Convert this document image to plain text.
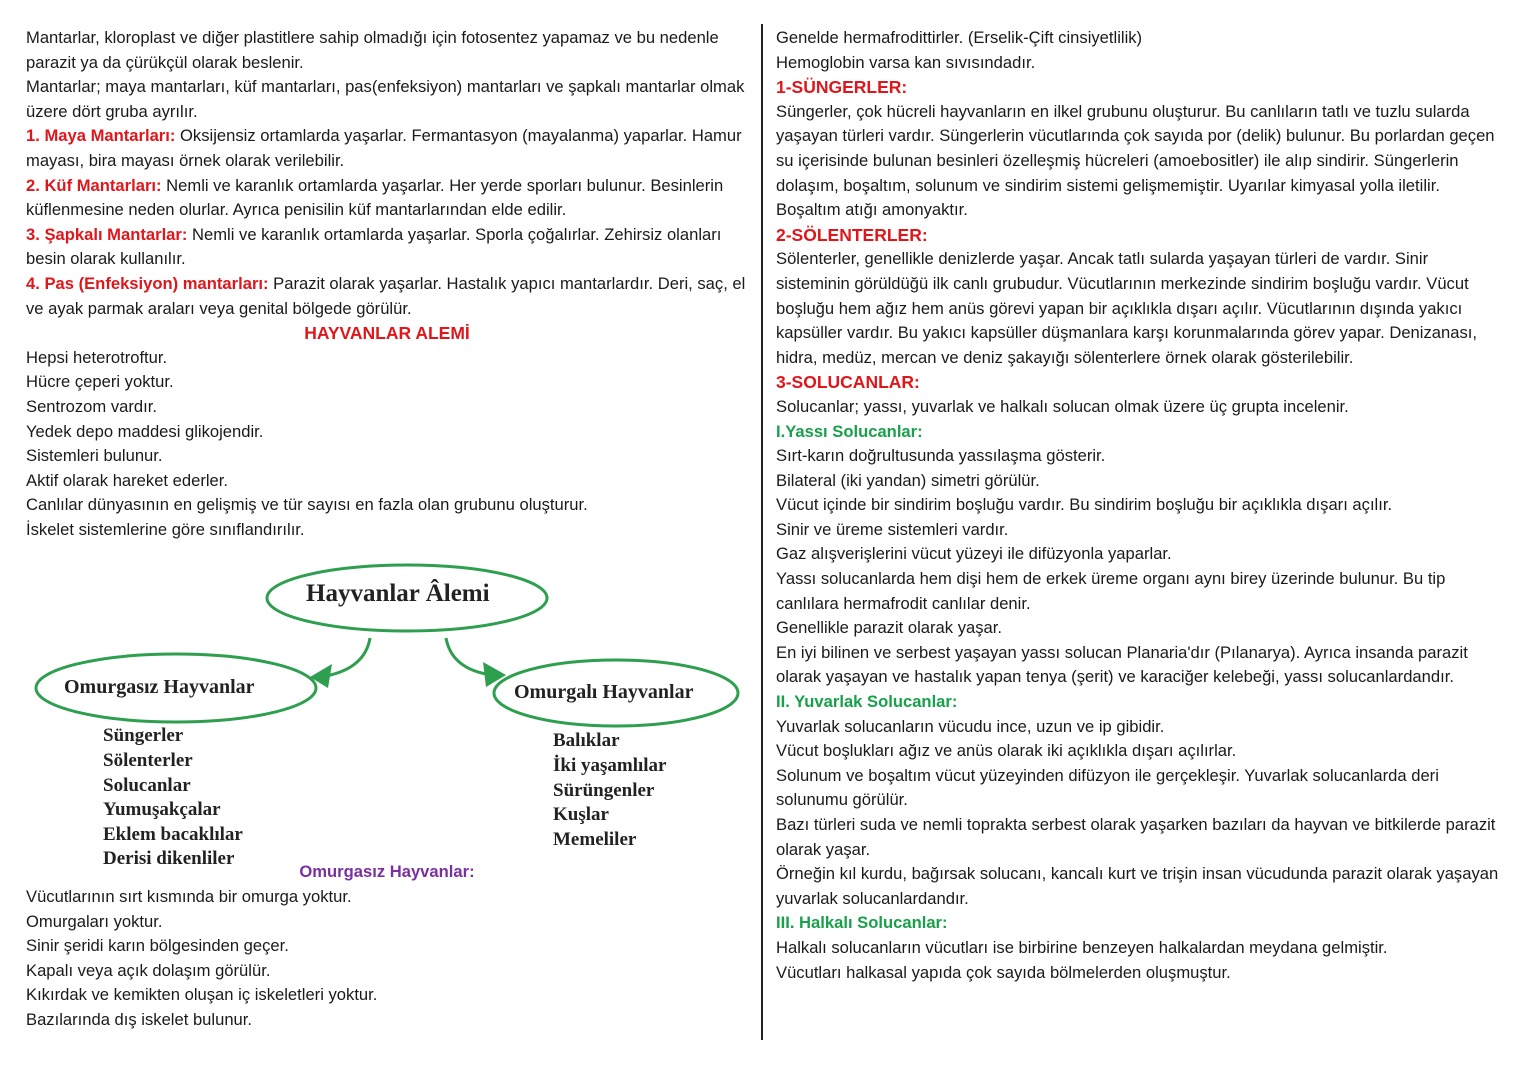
Mantarlar, kloroplast ve diğer plastitlere sahip olmadığı için fotosentez yapamaz ve bu nedenle parazit ya da çürükçül olarak beslenir.

Mantarlar; maya mantarları, küf mantarları, pas(enfeksiyon) mantarları ve şapkalı mantarlar olmak üzere dört gruba ayrılır.

1. Maya Mantarları: Oksijensiz ortamlarda yaşarlar. Fermantasyon (mayalanma) yaparlar. Hamur mayası, bira mayası örnek olarak verilebilir.

2. Küf Mantarları: Nemli ve karanlık ortamlarda yaşarlar. Her yerde sporları bulunur. Besinlerin küflenmesine neden olurlar. Ayrıca penisilin küf mantarlarından elde edilir.

3. Şapkalı Mantarlar: Nemli ve karanlık ortamlarda yaşarlar. Sporla çoğalırlar. Zehirsiz olanları besin olarak kullanılır.

4. Pas (Enfeksiyon) mantarları: Parazit olarak yaşarlar. Hastalık yapıcı mantarlardır. Deri, saç, el ve ayak parmak araları veya genital bölgede görülür.

HAYVANLAR ALEMİ

Hepsi heterotroftur.

Hücre çeperi yoktur.

Sentrozom vardır.

Yedek depo maddesi glikojendir.

Sistemleri bulunur.

Aktif olarak hareket ederler.

Canlılar dünyasının en gelişmiş ve tür sayısı en fazla olan grubunu oluşturur.

İskelet sistemlerine göre sınıflandırılır.

Hayvanlar Âlemi
Omurgasız Hayvanlar	Omurgalı Hayvanlar
Süngerler
Sölenterler
Solucanlar
Yumuşakçalar
Eklem bacaklılar
Derisi dikenliler
Balıklar
İki yaşamlılar
Sürüngenler
Kuşlar
Memeliler

Omurgasız Hayvanlar:

Vücutlarının sırt kısmında bir omurga yoktur.

Omurgaları yoktur.

Sinir şeridi karın bölgesinden geçer.

Kapalı veya açık dolaşım görülür.

Kıkırdak ve kemikten oluşan iç iskeletleri yoktur.

Bazılarında dış iskelet bulunur.

Genelde hermafrodittirler. (Erselik-Çift cinsiyetlilik)

Hemoglobin varsa kan sıvısındadır.

1-SÜNGERLER:

Süngerler, çok hücreli hayvanların en ilkel grubunu oluşturur. Bu canlıların tatlı ve tuzlu sularda yaşayan türleri vardır. Süngerlerin vücutlarında çok sayıda por (delik) bulunur. Bu porlardan geçen su içerisinde bulunan besinleri özelleşmiş hücreleri (amoebositler) ile alıp sindirir. Süngerlerin dolaşım, boşaltım, solunum ve sindirim sistemi gelişmemiştir. Uyarılar kimyasal yolla iletilir. Boşaltım atığı amonyaktır.

2-SÖLENTERLER:

Sölenterler, genellikle denizlerde yaşar. Ancak tatlı sularda yaşayan türleri de vardır. Sinir sisteminin görüldüğü ilk canlı grubudur. Vücutlarının merkezinde sindirim boşluğu vardır. Vücut boşluğu hem ağız hem anüs görevi yapan bir açıklıkla dışarı açılır. Vücutlarının dışında yakıcı kapsüller vardır. Bu yakıcı kapsüller düşmanlara karşı korunmalarında görev yapar. Denizanası, hidra, medüz, mercan ve deniz şakayığı sölenterlere örnek olarak gösterilebilir.

3-SOLUCANLAR:

Solucanlar; yassı, yuvarlak ve halkalı solucan olmak üzere üç grupta incelenir.

I.Yassı Solucanlar:

Sırt-karın doğrultusunda yassılaşma gösterir.

Bilateral (iki yandan) simetri görülür.

Vücut içinde bir sindirim boşluğu vardır. Bu sindirim boşluğu bir açıklıkla dışarı açılır.

Sinir ve üreme sistemleri vardır.

Gaz alışverişlerini vücut yüzeyi ile difüzyonla yaparlar.

Yassı solucanlarda hem dişi hem de erkek üreme organı aynı birey üzerinde bulunur. Bu tip canlılara hermafrodit canlılar denir.

Genellikle parazit olarak yaşar.

En iyi bilinen ve serbest yaşayan yassı solucan Planaria'dır (Pılanarya). Ayrıca insanda parazit olarak yaşayan ve hastalık yapan tenya (şerit) ve karaciğer kelebeği, yassı solucanlardandır.

II. Yuvarlak Solucanlar:

Yuvarlak solucanların vücudu ince, uzun ve ip gibidir.

Vücut boşlukları ağız ve anüs olarak iki açıklıkla dışarı açılırlar.

Solunum ve boşaltım vücut yüzeyinden difüzyon ile gerçekleşir. Yuvarlak solucanlarda deri solunumu görülür.

Bazı türleri suda ve nemli toprakta serbest olarak yaşarken bazıları da hayvan ve bitkilerde parazit olarak yaşar.

Örneğin kıl kurdu, bağırsak solucanı, kancalı kurt ve trişin insan vücudunda parazit olarak yaşayan yuvarlak solucanlardandır.

III. Halkalı Solucanlar:

Halkalı solucanların vücutları ise birbirine benzeyen halkalardan meydana gelmiştir.

Vücutları halkasal yapıda çok sayıda bölmelerden oluşmuştur.
